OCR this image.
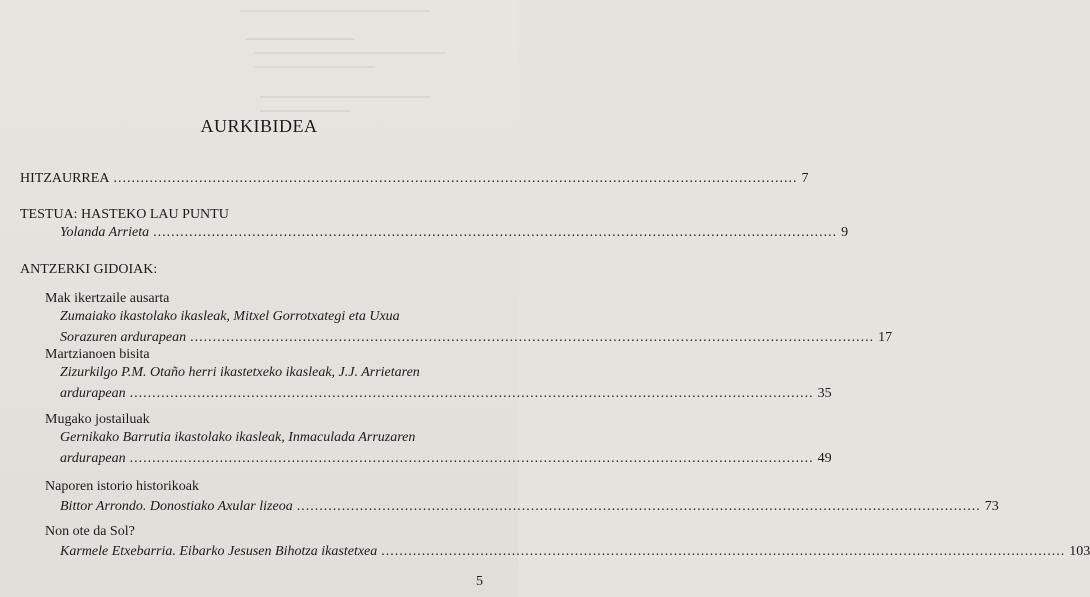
AURKIBIDEA
HITZAURREA ........................................................................................................................................................ 7
TESTUA: HASTEKO LAU PUNTU
Yolanda Arrieta ........................................................................................................................................................ 9
ANTZERKI GIDOIAK:
Mak ikertzaile ausarta
Zumaiako ikastolako ikasleak, Mitxel Gorrotxategi eta Uxua
Sorazuren ardurapean ........................................................................................................................................................ 17
Martzianoen bisita
Zizurkilgo P.M. Otaño herri ikastetxeko ikasleak, J.J. Arrietaren
ardurapean ........................................................................................................................................................ 35
Mugako jostailuak
Gernikako Barrutia ikastolako ikasleak, Inmaculada Arruzaren
ardurapean ........................................................................................................................................................ 49
Naporen istorio historikoak
Bittor Arrondo. Donostiako Axular lizeoa ........................................................................................................................................................ 73
Non ote da Sol?
Karmele Etxebarria. Eibarko Jesusen Bihotza ikastetxea ........................................................................................................................................................ 103
5
